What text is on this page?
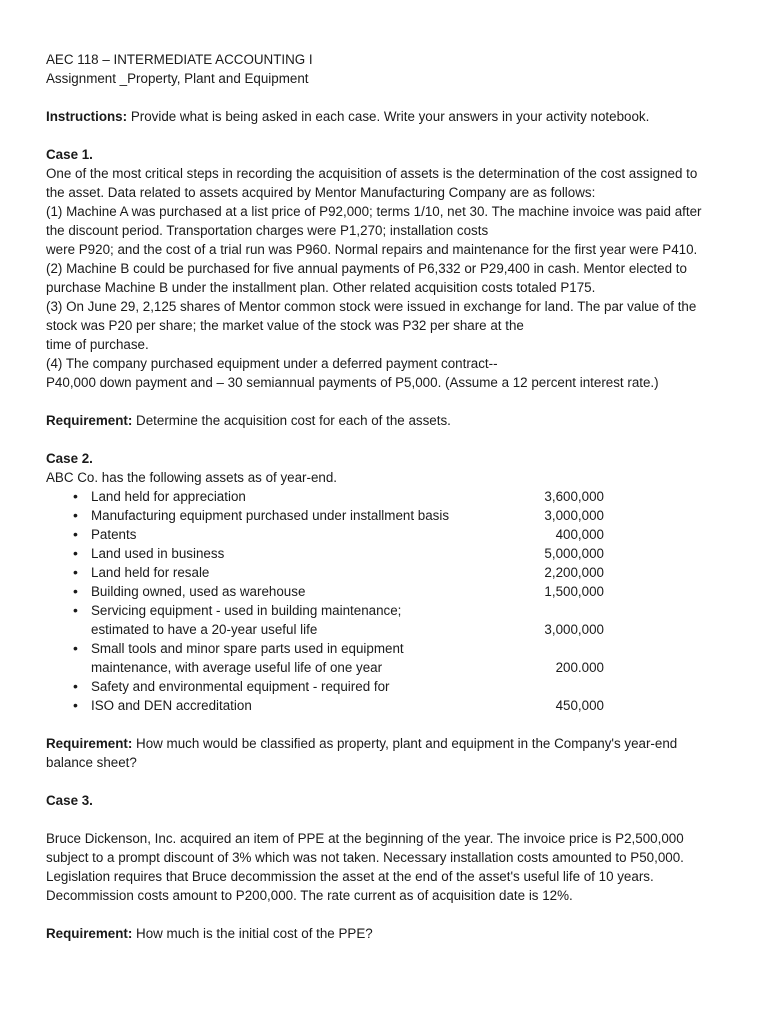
AEC 118 – INTERMEDIATE ACCOUNTING I

Assignment _Property, Plant and Equipment

Instructions: Provide what is being asked in each case. Write your answers in your activity notebook.

Case 1.

One of the most critical steps in recording the acquisition of assets is the determination of the cost assigned to

the asset. Data related to assets acquired by Mentor Manufacturing Company are as follows:

(1) Machine A was purchased at a list price of P92,000; terms 1/10, net 30. The machine invoice was paid after

the discount period. Transportation charges were P1,270; installation costs

were P920; and the cost of a trial run was P960. Normal repairs and maintenance for the first year were P410.

(2) Machine B could be purchased for five annual payments of P6,332 or P29,400 in cash. Mentor elected to

purchase Machine B under the installment plan. Other related acquisition costs totaled P175.

(3) On June 29, 2,125 shares of Mentor common stock were issued in exchange for land. The par value of the

stock was P20 per share; the market value of the stock was P32 per share at the

time of purchase.

(4) The company purchased equipment under a deferred payment contract--

P40,000 down payment and – 30 semiannual payments of P5,000. (Assume a 12 percent interest rate.)

Requirement: Determine the acquisition cost for each of the assets.

Case 2.

ABC Co. has the following assets as of year-end.

• Land held for appreciation	3,600,000
• Manufacturing equipment purchased under installment basis	3,000,000
• Patents	400,000
• Land used in business	5,000,000
• Land held for resale	2,200,000
• Building owned, used as warehouse	1,500,000

• Servicing equipment - used in building maintenance;

estimated to have a 20-year useful life	3,000,000

• Small tools and minor spare parts used in equipment

maintenance, with average useful life of one year	200.000
• Safety and environmental equipment - required for
• ISO and DEN accreditation	450,000

Requirement: How much would be classified as property, plant and equipment in the Company's year-end

balance sheet?

Case 3.

Bruce Dickenson, Inc. acquired an item of PPE at the beginning of the year. The invoice price is P2,500,000

subject to a prompt discount of 3% which was not taken. Necessary installation costs amounted to P50,000.

Legislation requires that Bruce decommission the asset at the end of the asset's useful life of 10 years.

Decommission costs amount to P200,000. The rate current as of acquisition date is 12%.

Requirement: How much is the initial cost of the PPE?
